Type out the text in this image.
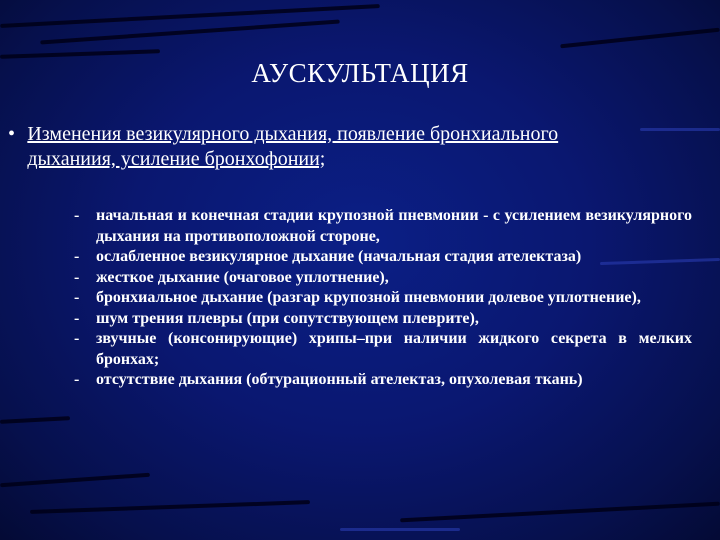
АУСКУЛЬТАЦИЯ
• Изменения везикулярного дыхания, появление бронхиального дыханиия, усиление бронхофонии;
-	начальная и конечная стадии крупозной пневмонии - с усилением везикулярного дыхания на противоположной стороне,
-	ослабленное везикулярное дыхание (начальная стадия ателектаза)
-	жесткое дыхание (очаговое уплотнение),
-	бронхиальное дыхание (разгар крупозной пневмонии долевое уплотнение),
-	шум трения плевры (при сопутствующем плеврите),
-	звучные (консонирующие) хрипы–при наличии жидкого секрета в мелких бронхах;
-	отсутствие дыхания (обтурационный ателектаз, опухолевая ткань)
